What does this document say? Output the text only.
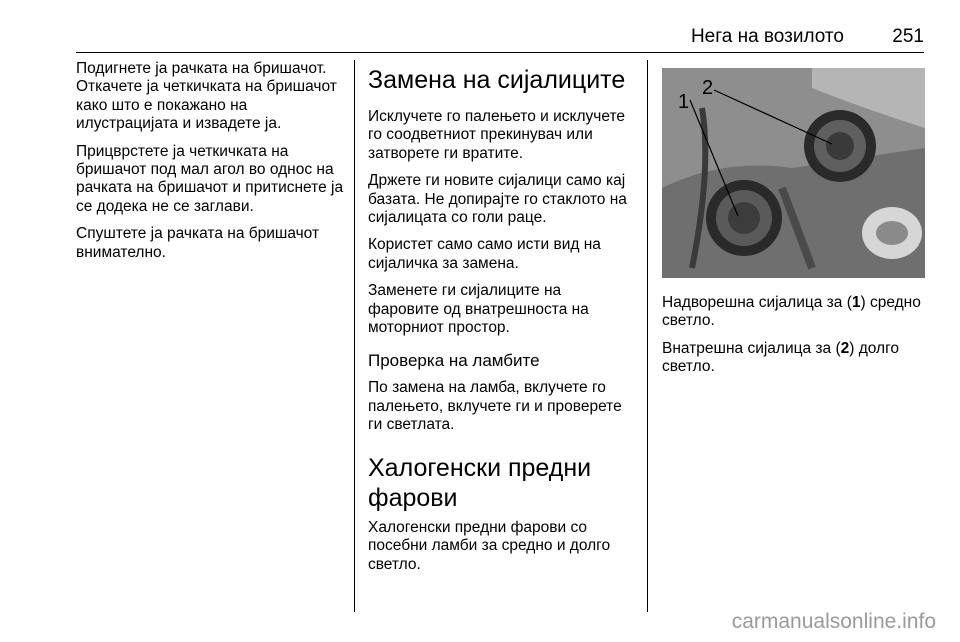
Нега на возилото	251

Подигнете ја рачката на бришачот. Откачете ја четкичката на бришачот како што е покажано на илустрацијата и извадете ја.

Прицврстете ја четкичката на бришачот под мал агол во однос на рачката на бришачот и притиснете ја се додека не се заглави.

Спуштете ја рачката на бришачот внимателно.

Замена на сијалиците

Исклучете го палењето и исклучете го соодветниот прекинувач или затворете ги вратите.

Држете ги новите сијалици само кај базата. Не допирајте го стаклото на сијалицата со голи раце.

Користет само само исти вид на сијаличка за замена.

Заменете ги сијалиците на фаровите од внатрешноста на моторниот простор.

Проверка на ламбите

По замена на ламба, вклучете го палењето, вклучете ги и проверете ги светлата.

Халогенски предни фарови

Халогенски предни фарови со посебни ламби за средно и долго светло.

1
2

Надворешна сијалица за (1) средно светло.

Внатрешна сијалица за (2) долго светло.

carmanualsonline.info
